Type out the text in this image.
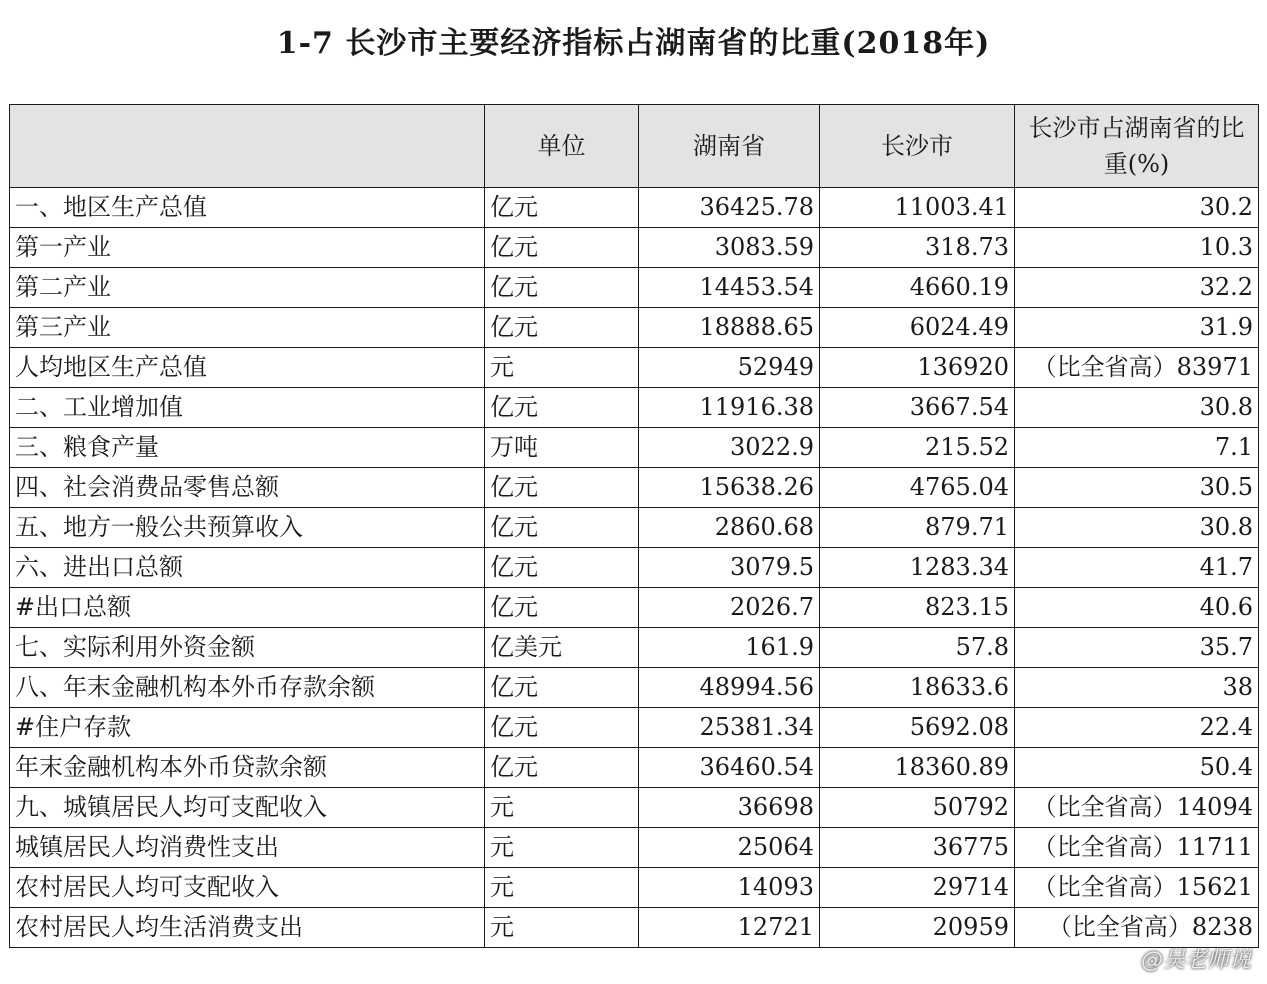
1-7 长沙市主要经济指标占湖南省的比重(2018年)
	单位	湖南省	长沙市	长沙市占湖南省的比重(%)
一、地区生产总值	亿元	36425.78	11003.41	30.2
第一产业	亿元	3083.59	318.73	10.3
第二产业	亿元	14453.54	4660.19	32.2
第三产业	亿元	18888.65	6024.49	31.9
人均地区生产总值	元	52949	136920	（比全省高）83971
二、工业增加值	亿元	11916.38	3667.54	30.8
三、粮食产量	万吨	3022.9	215.52	7.1
四、社会消费品零售总额	亿元	15638.26	4765.04	30.5
五、地方一般公共预算收入	亿元	2860.68	879.71	30.8
六、进出口总额	亿元	3079.5	1283.34	41.7
#出口总额	亿元	2026.7	823.15	40.6
七、实际利用外资金额	亿美元	161.9	57.8	35.7
八、年末金融机构本外币存款余额	亿元	48994.56	18633.6	38
#住户存款	亿元	25381.34	5692.08	22.4
年末金融机构本外币贷款余额	亿元	36460.54	18360.89	50.4
九、城镇居民人均可支配收入	元	36698	50792	（比全省高）14094
城镇居民人均消费性支出	元	25064	36775	（比全省高）11711
农村居民人均可支配收入	元	14093	29714	（比全省高）15621
农村居民人均生活消费支出	元	12721	20959	（比全省高）8238
@吴老师说
